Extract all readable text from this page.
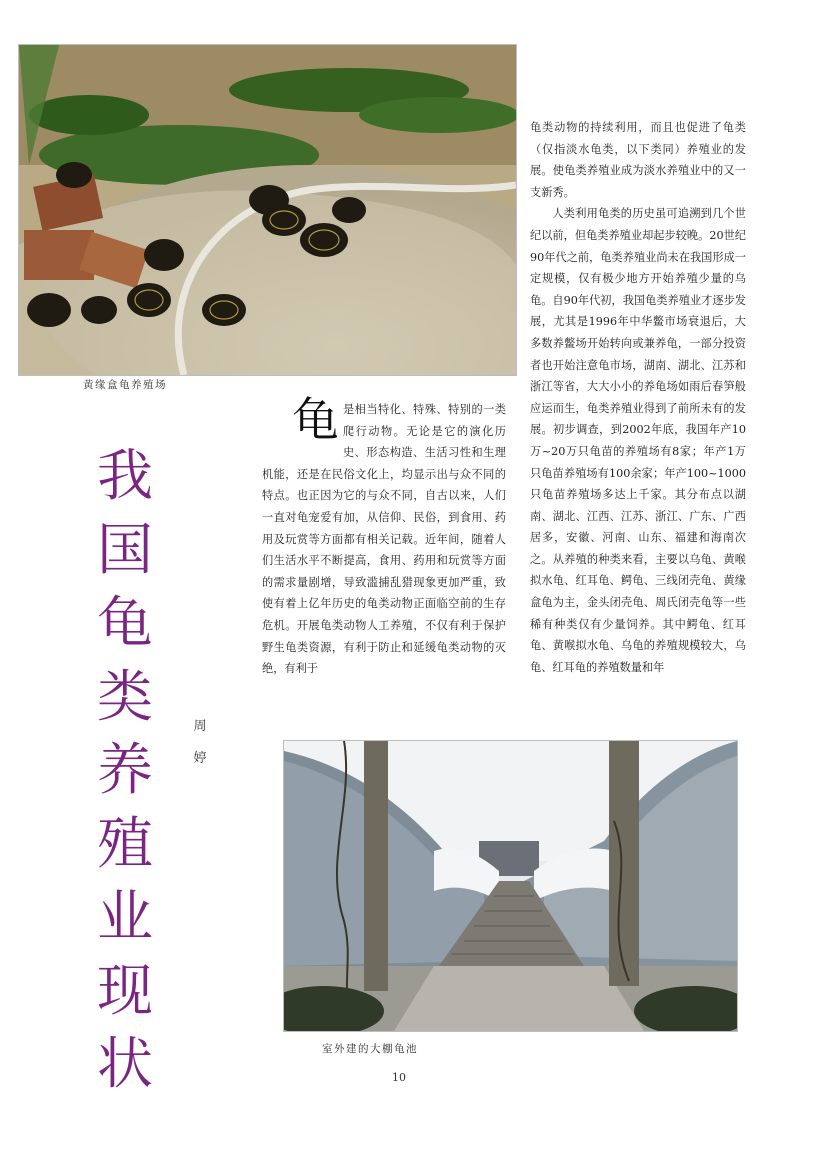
黄缘盒龟养殖场
我
国
龟
类
养
殖
业
现
状
周
婷

龟是相当特化、特殊、特别的一类爬行动物。无论是它的演化历史、形态构造、生活习性和生理机能，还是在民俗文化上，均显示出与众不同的特点。也正因为它的与众不同，自古以来，人们一直对龟宠爱有加，从信仰、民俗，到食用、药用及玩赏等方面都有相关记载。近年间，随着人们生活水平不断提高，食用、药用和玩赏等方面的需求量剧增，导致滥捕乱猎现象更加严重，致使有着上亿年历史的龟类动物正面临空前的生存危机。开展龟类动物人工养殖，不仅有利于保护野生龟类资源，有利于防止和延缓龟类动物的灭绝，有利于

龟类动物的持续利用，而且也促进了龟类（仅指淡水龟类，以下类同）养殖业的发展。使龟类养殖业成为淡水养殖业中的又一支新秀。

人类利用龟类的历史虽可追溯到几个世纪以前，但龟类养殖业却起步较晚。20世纪90年代之前，龟类养殖业尚未在我国形成一定规模，仅有极少地方开始养殖少量的乌龟。自90年代初，我国龟类养殖业才逐步发展，尤其是1996年中华鳖市场衰退后，大多数养鳖场开始转向或兼养龟，一部分投资者也开始注意龟市场，湖南、湖北、江苏和浙江等省，大大小小的养龟场如雨后春笋般应运而生，龟类养殖业得到了前所未有的发展。初步调查，到2002年底，我国年产10万~20万只龟苗的养殖场有8家；年产1万只龟苗养殖场有100余家；年产100~1000只龟苗养殖场多达上千家。其分布点以湖南、湖北、江西、江苏、浙江、广东、广西居多，安徽、河南、山东、福建和海南次之。从养殖的种类来看，主要以乌龟、黄喉拟水龟、红耳龟、鳄龟、三线闭壳龟、黄缘盒龟为主，金头闭壳龟、周氏闭壳龟等一些稀有种类仅有少量饲养。其中鳄龟、红耳龟、黄喉拟水龟、乌龟的养殖规模较大，乌龟、红耳龟的养殖数量和年

室外建的大棚龟池
10
